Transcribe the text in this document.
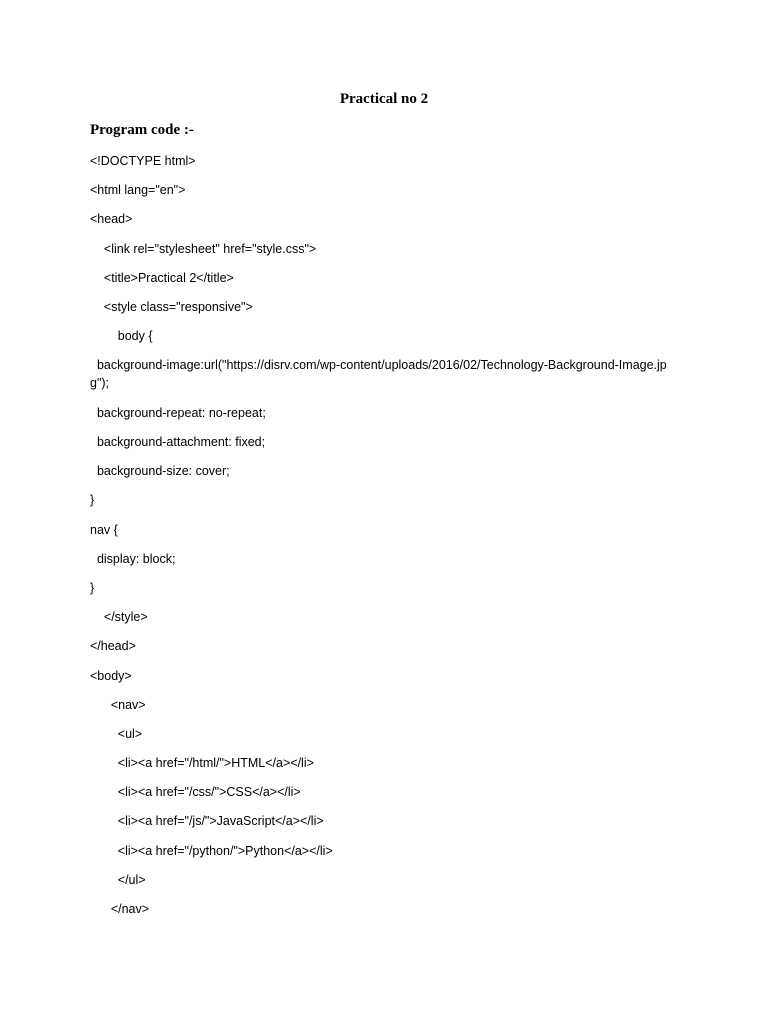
Practical no 2
Program code :-
<!DOCTYPE html>
<html lang="en">
<head>
<link rel="stylesheet" href="style.css">
<title>Practical 2</title>
<style class="responsive">
body {
background-image:url("https://disrv.com/wp-content/uploads/2016/02/Technology-Background-Image.jpg");
background-repeat: no-repeat;
background-attachment: fixed;
background-size: cover;
}
nav {
display: block;
}
</style>
</head>
<body>
<nav>
<ul>
<li><a href="/html/">HTML</a></li>
<li><a href="/css/">CSS</a></li>
<li><a href="/js/">JavaScript</a></li>
<li><a href="/python/">Python</a></li>
</ul>
</nav>
